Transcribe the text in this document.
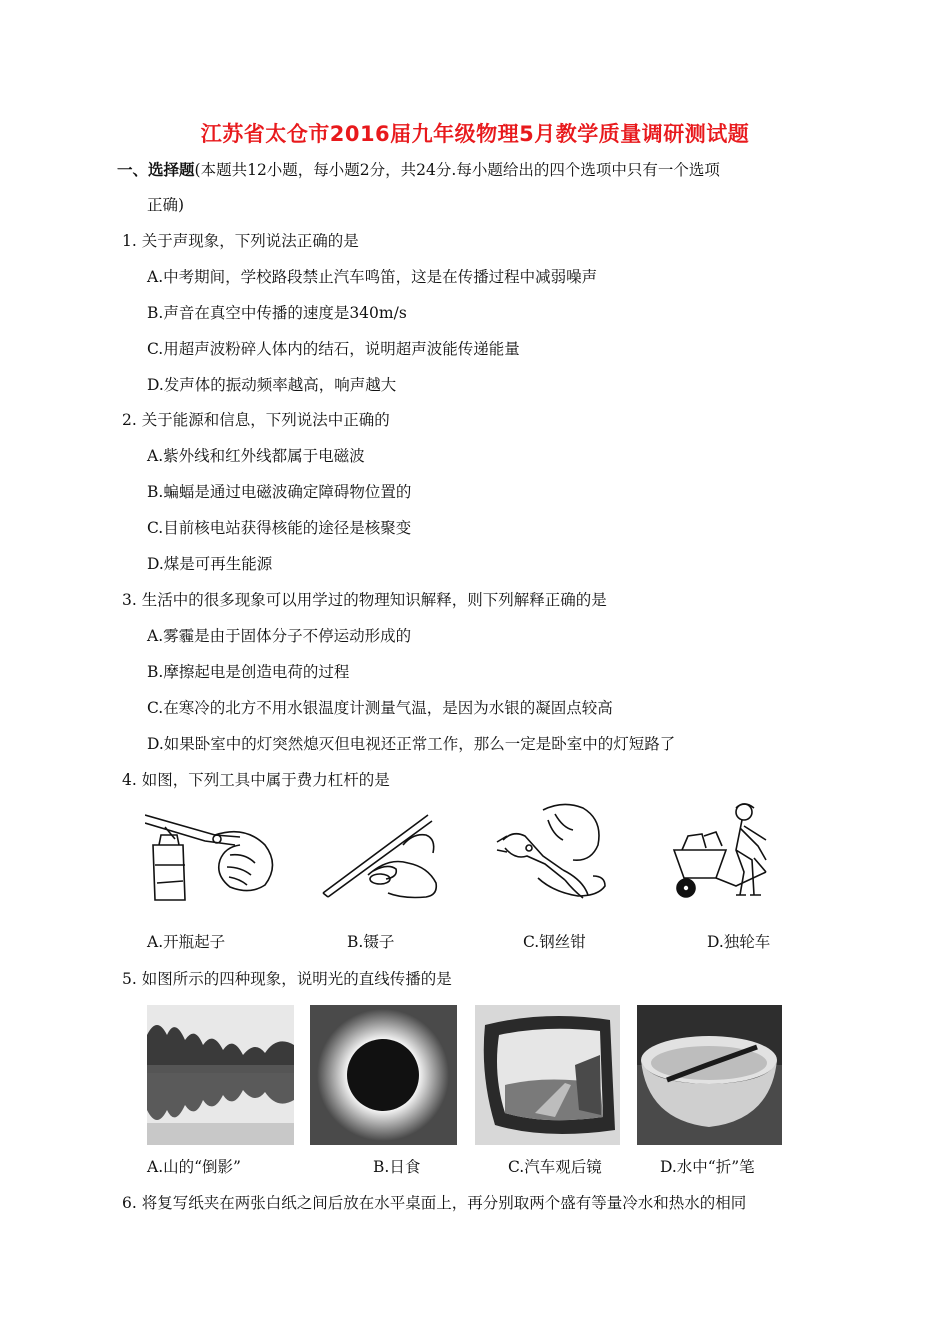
江苏省太仓市2016届九年级物理5月教学质量调研测试题
一、选择题(本题共12小题，每小题2分，共24分.每小题给出的四个选项中只有一个选项
正确)
1. 关于声现象，下列说法正确的是
A.中考期间，学校路段禁止汽车鸣笛，这是在传播过程中减弱噪声
B.声音在真空中传播的速度是340m/s
C.用超声波粉碎人体内的结石，说明超声波能传递能量
D.发声体的振动频率越高，响声越大
2. 关于能源和信息，下列说法中正确的
A.紫外线和红外线都属于电磁波
B.蝙蝠是通过电磁波确定障碍物位置的
C.目前核电站获得核能的途径是核聚变
D.煤是可再生能源
3. 生活中的很多现象可以用学过的物理知识解释，则下列解释正确的是
A.雾霾是由于固体分子不停运动形成的
B.摩擦起电是创造电荷的过程
C.在寒冷的北方不用水银温度计测量气温，是因为水银的凝固点较高
D.如果卧室中的灯突然熄灭但电视还正常工作，那么一定是卧室中的灯短路了
4. 如图，下列工具中属于费力杠杆的是
A.开瓶起子	B.镊子	C.钢丝钳	D.独轮车
5. 如图所示的四种现象，说明光的直线传播的是
A.山的“倒影”	B.日食	C.汽车观后镜	D.水中“折”笔
6. 将复写纸夹在两张白纸之间后放在水平桌面上，再分别取两个盛有等量冷水和热水的相同
